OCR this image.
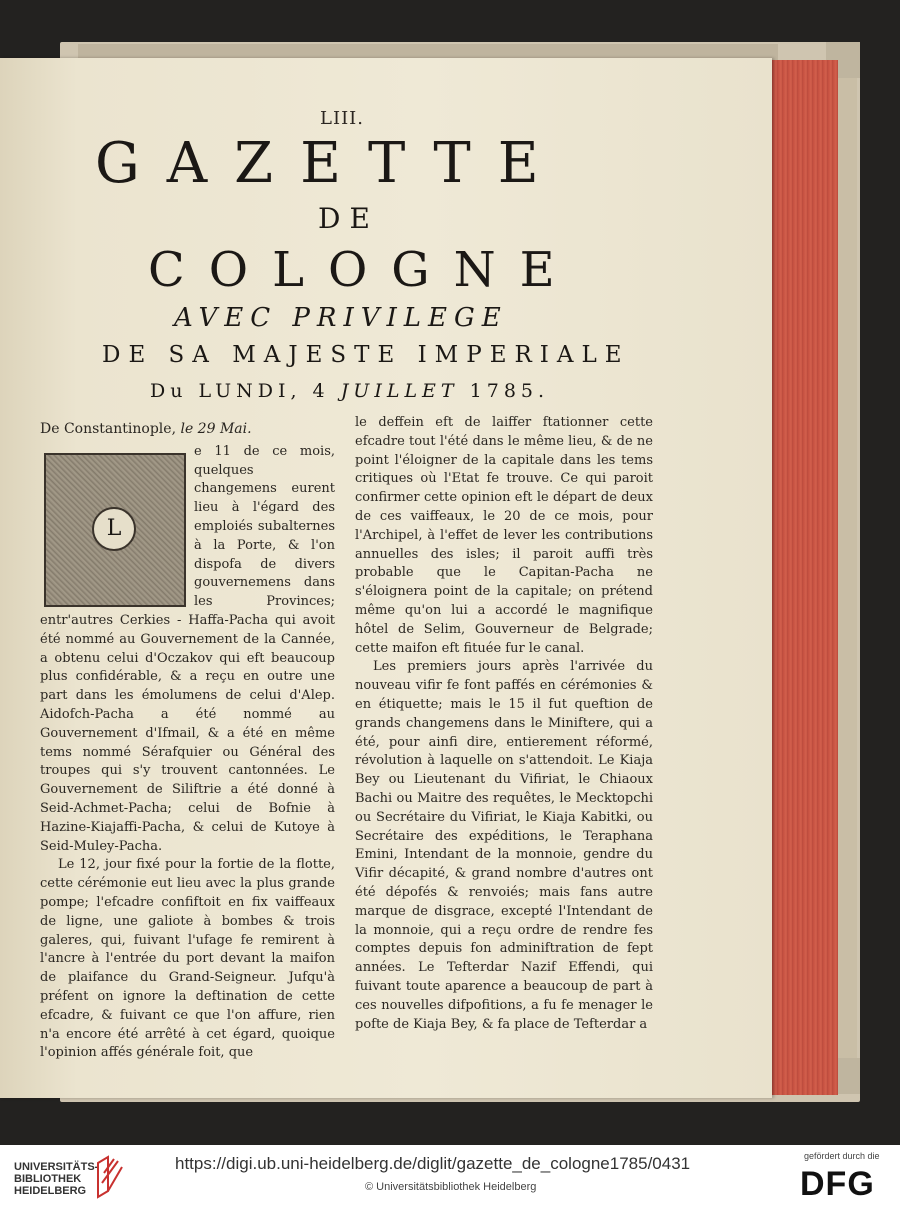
LIII.
GAZETTE
DE
COLOGNE
AVEC PRIVILEGE
DE SA MAJESTE IMPERIALE
Du LUNDI, 4 JUILLET 1785.

De Constantinople, le 29 Mai.

L

e 11 de ce mois, quelques changemens eurent lieu à l'égard des emploiés subalternes à la Porte, & l'on dispofa de divers gouvernemens dans les Provinces; entr'autres Cerkies - Haffa-Pacha qui avoit été nommé au Gouvernement de la Cannée, a obtenu celui d'Oczakov qui eft beaucoup plus confidérable, & a reçu en outre une part dans les émolumens de celui d'Alep. Aidofch-Pacha a été nommé au Gouvernement d'Ifmail, & a été en même tems nommé Sérafquier ou Général des troupes qui s'y trouvent cantonnées. Le Gouvernement de Siliftrie a été donné à Seid-Achmet-Pacha; celui de Bofnie à Hazine-Kiajaffi-Pacha, & celui de Kutoye à Seid-Muley-Pacha.

Le 12, jour fixé pour la fortie de la flotte, cette cérémonie eut lieu avec la plus grande pompe; l'efcadre confiftoit en fix vaiffeaux de ligne, une galiote à bombes & trois galeres, qui, fuivant l'ufage fe remirent à l'ancre à l'entrée du port devant la maifon de plaifance du Grand-Seigneur. Jufqu'à préfent on ignore la deftination de cette efcadre, & fuivant ce que l'on affure, rien n'a encore été arrêté à cet égard, quoique l'opinion affés générale foit, que

le deffein eft de laiffer ftationner cette efcadre tout l'été dans le même lieu, & de ne point l'éloigner de la capitale dans les tems critiques où l'Etat fe trouve. Ce qui paroit confirmer cette opinion eft le départ de deux de ces vaiffeaux, le 20 de ce mois, pour l'Archipel, à l'effet de lever les contributions annuelles des isles; il paroit auffi très probable que le Capitan-Pacha ne s'éloignera point de la capitale; on prétend même qu'on lui a accordé le magnifique hôtel de Selim, Gouverneur de Belgrade; cette maifon eft fituée fur le canal.

Les premiers jours après l'arrivée du nouveau vifir fe font paffés en cérémonies & en étiquette; mais le 15 il fut queftion de grands changemens dans le Miniftere, qui a été, pour ainfi dire, entierement réformé, révolution à laquelle on s'attendoit. Le Kiaja Bey ou Lieutenant du Vifiriat, le Chiaoux Bachi ou Maitre des requêtes, le Mecktopchi ou Secrétaire du Vifiriat, le Kiaja Kabitki, ou Secrétaire des expéditions, le Teraphana Emini, Intendant de la monnoie, gendre du Vifir décapité, & grand nombre d'autres ont été dépofés & renvoiés; mais fans autre marque de disgrace, excepté l'Intendant de la monnoie, qui a reçu ordre de rendre fes comptes depuis fon adminiftration de fept années. Le Tefterdar Nazif Effendi, qui fuivant toute aparence a beaucoup de part à ces nouvelles difpofitions, a fu fe menager le pofte de Kiaja Bey, & fa place de Tefterdar a

UNIVERSITÄTS-BIBLIOTHEK HEIDELBERG
https://digi.ub.uni-heidelberg.de/diglit/gazette_de_cologne1785/0431
© Universitätsbibliothek Heidelberg
gefördert durch die
DFG
